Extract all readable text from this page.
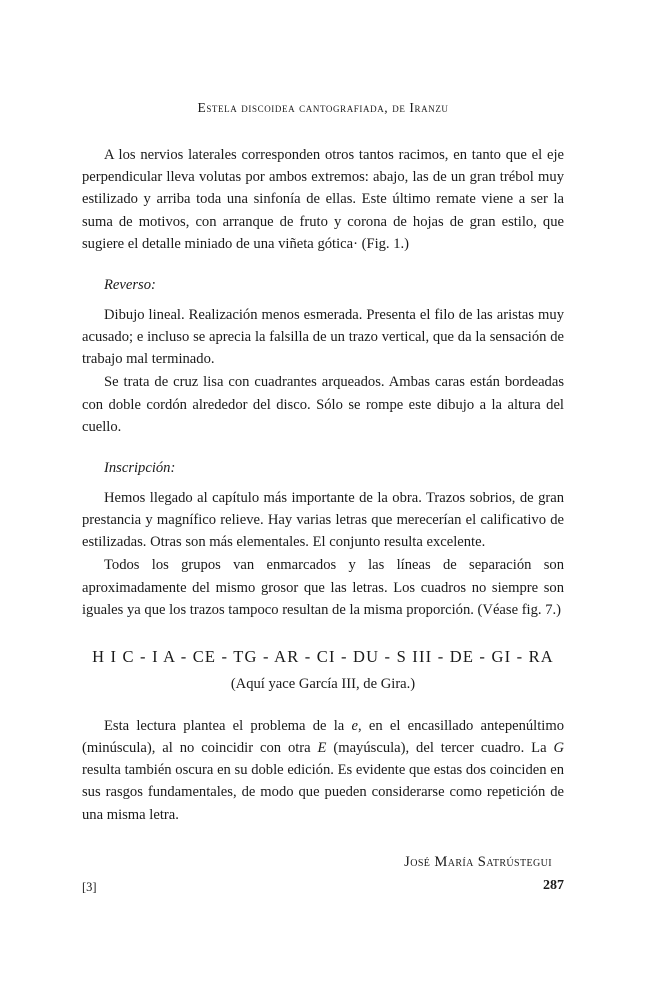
Estela discoidea cantografiada, de Iranzu

A los nervios laterales corresponden otros tantos racimos, en tanto que el eje perpendicular lleva volutas por ambos extremos: abajo, las de un gran trébol muy estilizado y arriba toda una sinfonía de ellas. Este último remate viene a ser la suma de motivos, con arranque de fruto y corona de hojas de gran estilo, que sugiere el detalle miniado de una viñeta gótica· (Fig. 1.)

Reverso:

Dibujo lineal. Realización menos esmerada. Presenta el filo de las aristas muy acusado; e incluso se aprecia la falsilla de un trazo vertical, que da la sensación de trabajo mal terminado.

Se trata de cruz lisa con cuadrantes arqueados. Ambas caras están bordeadas con doble cordón alrededor del disco. Sólo se rompe este dibujo a la altura del cuello.

Inscripción:

Hemos llegado al capítulo más importante de la obra. Trazos sobrios, de gran prestancia y magnífico relieve. Hay varias letras que merecerían el calificativo de estilizadas. Otras son más elementales. El conjunto resulta excelente.

Todos los grupos van enmarcados y las líneas de separación son aproximadamente del mismo grosor que las letras. Los cuadros no siempre son iguales ya que los trazos tampoco resultan de la misma proporción. (Véase fig. 7.)

H I C - I A - CE - TG - AR - CI - DU - S III - DE - GI - RA
(Aquí yace García III, de Gira.)

Esta lectura plantea el problema de la e, en el encasillado antepenúltimo (minúscula), al no coincidir con otra E (mayúscula), del tercer cuadro. La G resulta también oscura en su doble edición. Es evidente que estas dos coinciden en sus rasgos fundamentales, de modo que pueden considerarse como repetición de una misma letra.

José María Satrústegui
[3]	287
